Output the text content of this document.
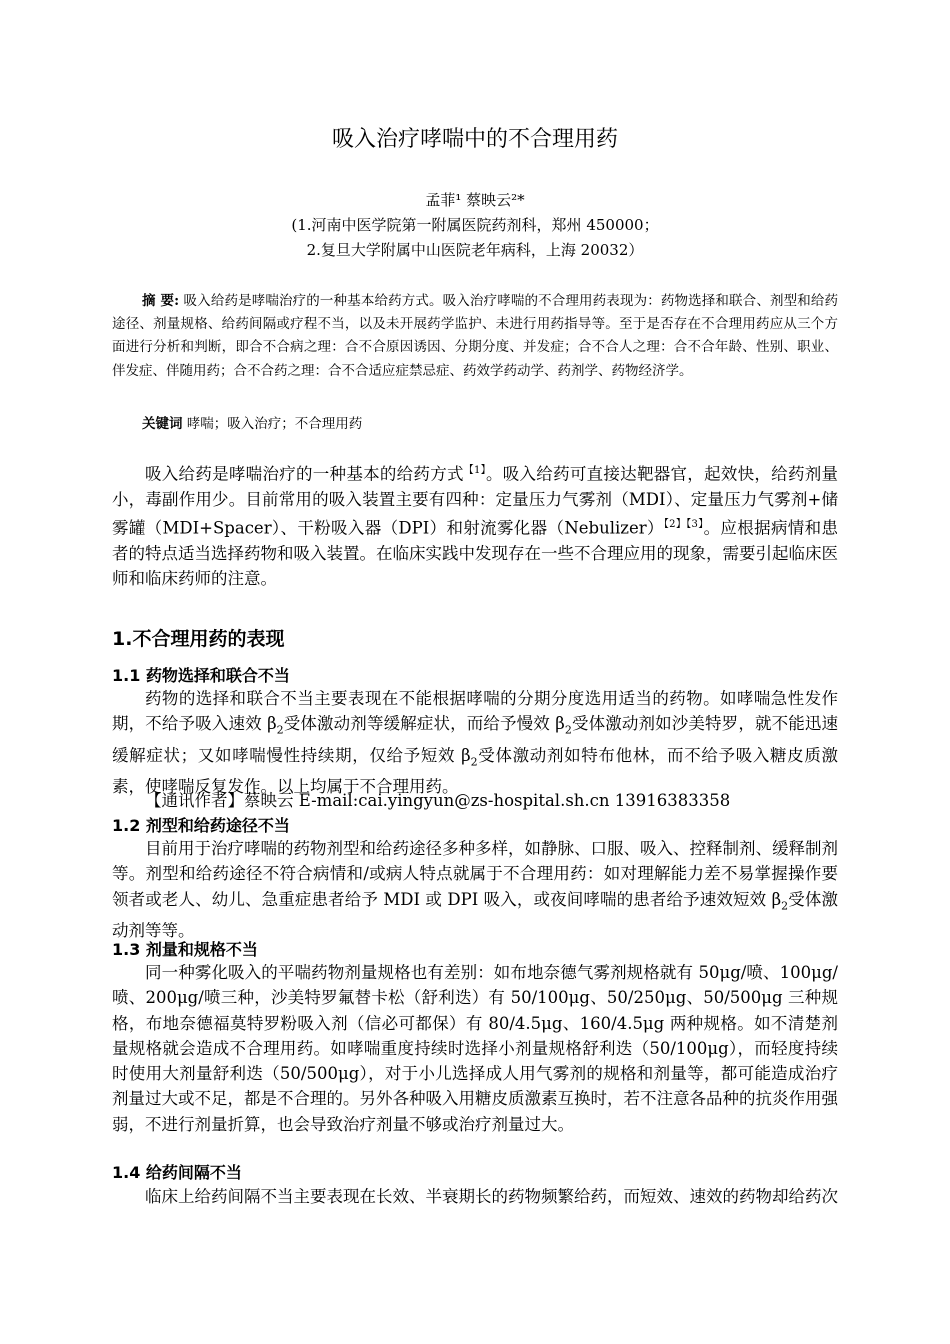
吸入治疗哮喘中的不合理用药
孟菲¹ 蔡映云²*
(1.河南中医学院第一附属医院药剂科，郑州 450000；
2.复旦大学附属中山医院老年病科，上海 20032）
摘 要: 吸入给药是哮喘治疗的一种基本给药方式。吸入治疗哮喘的不合理用药表现为：药物选择和联合、剂型和给药途径、剂量规格、给药间隔或疗程不当，以及未开展药学监护、未进行用药指导等。至于是否存在不合理用药应从三个方面进行分析和判断，即合不合病之理：合不合原因诱因、分期分度、并发症；合不合人之理：合不合年龄、性别、职业、伴发症、伴随用药；合不合药之理：合不合适应症禁忌症、药效学药动学、药剂学、药物经济学。
关键词 哮喘；吸入治疗；不合理用药
吸入给药是哮喘治疗的一种基本的给药方式$^{【1】}$。吸入给药可直接达靶器官，起效快，给药剂量小，毒副作用少。目前常用的吸入装置主要有四种：定量压力气雾剂（MDI）、定量压力气雾剂+储雾罐（MDI+Spacer）、干粉吸入器（DPI）和射流雾化器（Nebulizer）$^{【2】【3】}$。应根据病情和患者的特点适当选择药物和吸入装置。在临床实践中发现存在一些不合理应用的现象，需要引起临床医师和临床药师的注意。
1.不合理用药的表现
1.1 药物选择和联合不当
药物的选择和联合不当主要表现在不能根据哮喘的分期分度选用适当的药物。如哮喘急性发作期，不给予吸入速效 $\beta_2$受体激动剂等缓解症状，而给予慢效 $\beta_2$受体激动剂如沙美特罗，就不能迅速缓解症状；又如哮喘慢性持续期，仅给予短效 $\beta_2$受体激动剂如特布他林，而不给予吸入糖皮质激素，使哮喘反复发作。以上均属于不合理用药。
【通讯作者】蔡映云 E-mail:cai.yingyun@zs-hospital.sh.cn 13916383358
1.2 剂型和给药途径不当
目前用于治疗哮喘的药物剂型和给药途径多种多样，如静脉、口服、吸入、控释制剂、缓释制剂等。剂型和给药途径不符合病情和/或病人特点就属于不合理用药：如对理解能力差不易掌握操作要领者或老人、幼儿、急重症患者给予 MDI 或 DPI 吸入，或夜间哮喘的患者给予速效短效 $\beta_2$受体激动剂等等。
1.3 剂量和规格不当
同一种雾化吸入的平喘药物剂量规格也有差别：如布地奈德气雾剂规格就有 50μg/喷、100μg/喷、200μg/喷三种，沙美特罗氟替卡松（舒利迭）有 50/100μg、50/250μg、50/500μg 三种规格，布地奈德福莫特罗粉吸入剂（信必可都保）有 80/4.5μg、160/4.5μg 两种规格。如不清楚剂量规格就会造成不合理用药。如哮喘重度持续时选择小剂量规格舒利迭（50/100μg），而轻度持续时使用大剂量舒利迭（50/500μg），对于小儿选择成人用气雾剂的规格和剂量等，都可能造成治疗剂量过大或不足，都是不合理的。另外各种吸入用糖皮质激素互换时，若不注意各品种的抗炎作用强弱，不进行剂量折算，也会导致治疗剂量不够或治疗剂量过大。
1.4 给药间隔不当
临床上给药间隔不当主要表现在长效、半衰期长的药物频繁给药，而短效、速效的药物却给药次
